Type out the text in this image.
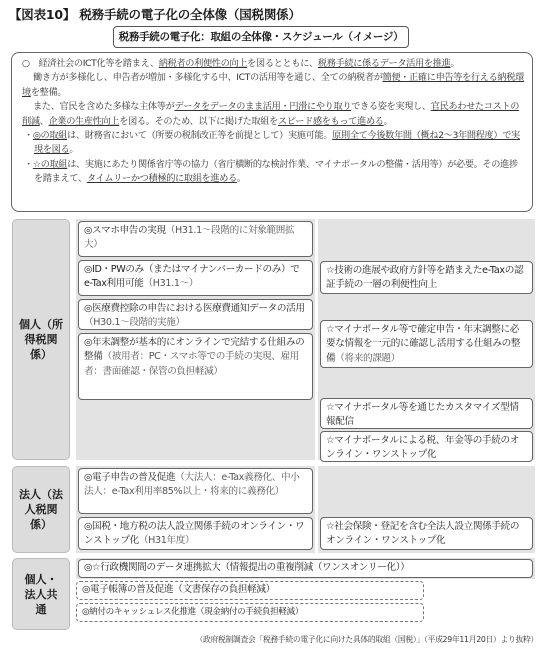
【図表10】 税務手続の電子化の全体像（国税関係）
税務手続の電子化：取組の全体像・スケジュール（イメージ）

○　経済社会のICT化等を踏まえ、納税者の利便性の向上を図るとともに、税務手続に係るデータ活用を推進。

働き方が多様化し、申告者が増加・多様化する中、ICTの活用等を通じ、全ての納税者が簡便・正確に申告等を行える納税環境を整備。

また、官民を含めた多様な主体等がデータをデータのまま活用・円滑にやり取りできる姿を実現し、官民あわせたコストの削減、企業の生産性向上を図る。そのため、以下に掲げた取組をスピード感をもって進める。

・◎の取組は、財務省において（所要の税制改正等を前提として）実施可能。原則全て今後数年間（概ね2～3年間程度）で実現を図る。

・☆の取組は、実施にあたり関係省庁等の協力（省庁横断的な検討作業、マイナポータルの整備・活用等）が必要。その進捗を踏まえて、タイムリーかつ積極的に取組を進める。

個人（所得税関係）
◎スマホ申告の実現（H31.1～段階的に対象範囲拡大）
◎ID・PWのみ（またはマイナンバーカードのみ）でe-Tax利用可能（H31.1～）
◎医療費控除の申告における医療費通知データの活用（H30.1～段階的実施）
◎年末調整が基本的にオンラインで完結する仕組みの整備（被用者：PC・スマホ等での手続の実現、雇用者：書面確認・保管の負担軽減）
☆技術の進展や政府方針等を踏まえたe-Taxの認証手続の一層の利便性向上
☆マイナポータル等で確定申告・年末調整に必要な情報を一元的に確認し活用する仕組みの整備（将来的課題）
☆マイナポータル等を通じたカスタマイズ型情報配信
☆マイナポータルによる税、年金等の手続のオンライン・ワンストップ化
法人（法人税関係）
◎電子申告の普及促進（大法人：e-Tax義務化、中小法人：e-Tax利用率85%以上・将来的に義務化）
◎国税・地方税の法人設立関係手続のオンライン・ワンストップ化（H31年度）
☆社会保険・登記を含む全法人設立関係手続のオンライン・ワンストップ化
個人・法人共通
◎☆行政機関間のデータ連携拡大（情報提出の重複削減（ワンスオンリー化））
◎電子帳簿の普及促進（文書保存の負担軽減）
◎納付のキャッシュレス化推進（現金納付の手続負担軽減）
（政府税制調査会「税務手続の電子化に向けた具体的取組（国税）」（平成29年11月20日）より抜粋）
